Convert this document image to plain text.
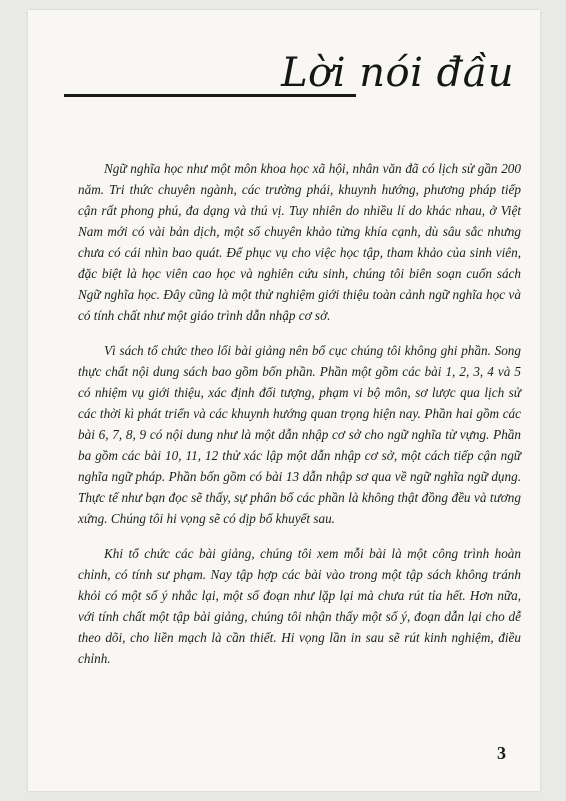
Lời nói đầu

Ngữ nghĩa học như một môn khoa học xã hội, nhân văn đã có lịch sử gần 200 năm. Tri thức chuyên ngành, các trường phái, khuynh hướng, phương pháp tiếp cận rất phong phú, đa dạng và thú vị. Tuy nhiên do nhiều lí do khác nhau, ở Việt Nam mới có vài bản dịch, một số chuyên khảo từng khía cạnh, dù sâu sắc nhưng chưa có cái nhìn bao quát. Để phục vụ cho việc học tập, tham khảo của sinh viên, đặc biệt là học viên cao học và nghiên cứu sinh, chúng tôi biên soạn cuốn sách Ngữ nghĩa học. Đây cũng là một thử nghiệm giới thiệu toàn cảnh ngữ nghĩa học và có tính chất như một giáo trình dẫn nhập cơ sở.

Vì sách tổ chức theo lối bài giảng nên bố cục chúng tôi không ghi phần. Song thực chất nội dung sách bao gồm bốn phần. Phần một gồm các bài 1, 2, 3, 4 và 5 có nhiệm vụ giới thiệu, xác định đối tượng, phạm vi bộ môn, sơ lược qua lịch sử các thời kì phát triển và các khuynh hướng quan trọng hiện nay. Phần hai gồm các bài 6, 7, 8, 9 có nội dung như là một dẫn nhập cơ sở cho ngữ nghĩa từ vựng. Phần ba gồm các bài 10, 11, 12 thử xác lập một dẫn nhập cơ sở, một cách tiếp cận ngữ nghĩa ngữ pháp. Phần bốn gồm có bài 13 dẫn nhập sơ qua về ngữ nghĩa ngữ dụng. Thực tế như bạn đọc sẽ thấy, sự phân bố các phần là không thật đồng đều và tương xứng. Chúng tôi hi vọng sẽ có dịp bổ khuyết sau.

Khi tổ chức các bài giảng, chúng tôi xem mỗi bài là một công trình hoàn chỉnh, có tính sư phạm. Nay tập hợp các bài vào trong một tập sách không tránh khỏi có một số ý nhắc lại, một số đoạn như lặp lại mà chưa rút tỉa hết. Hơn nữa, với tính chất một tập bài giảng, chúng tôi nhận thấy một số ý, đoạn dẫn lại cho dễ theo dõi, cho liền mạch là cần thiết. Hi vọng lần in sau sẽ rút kinh nghiệm, điều chỉnh.

3
